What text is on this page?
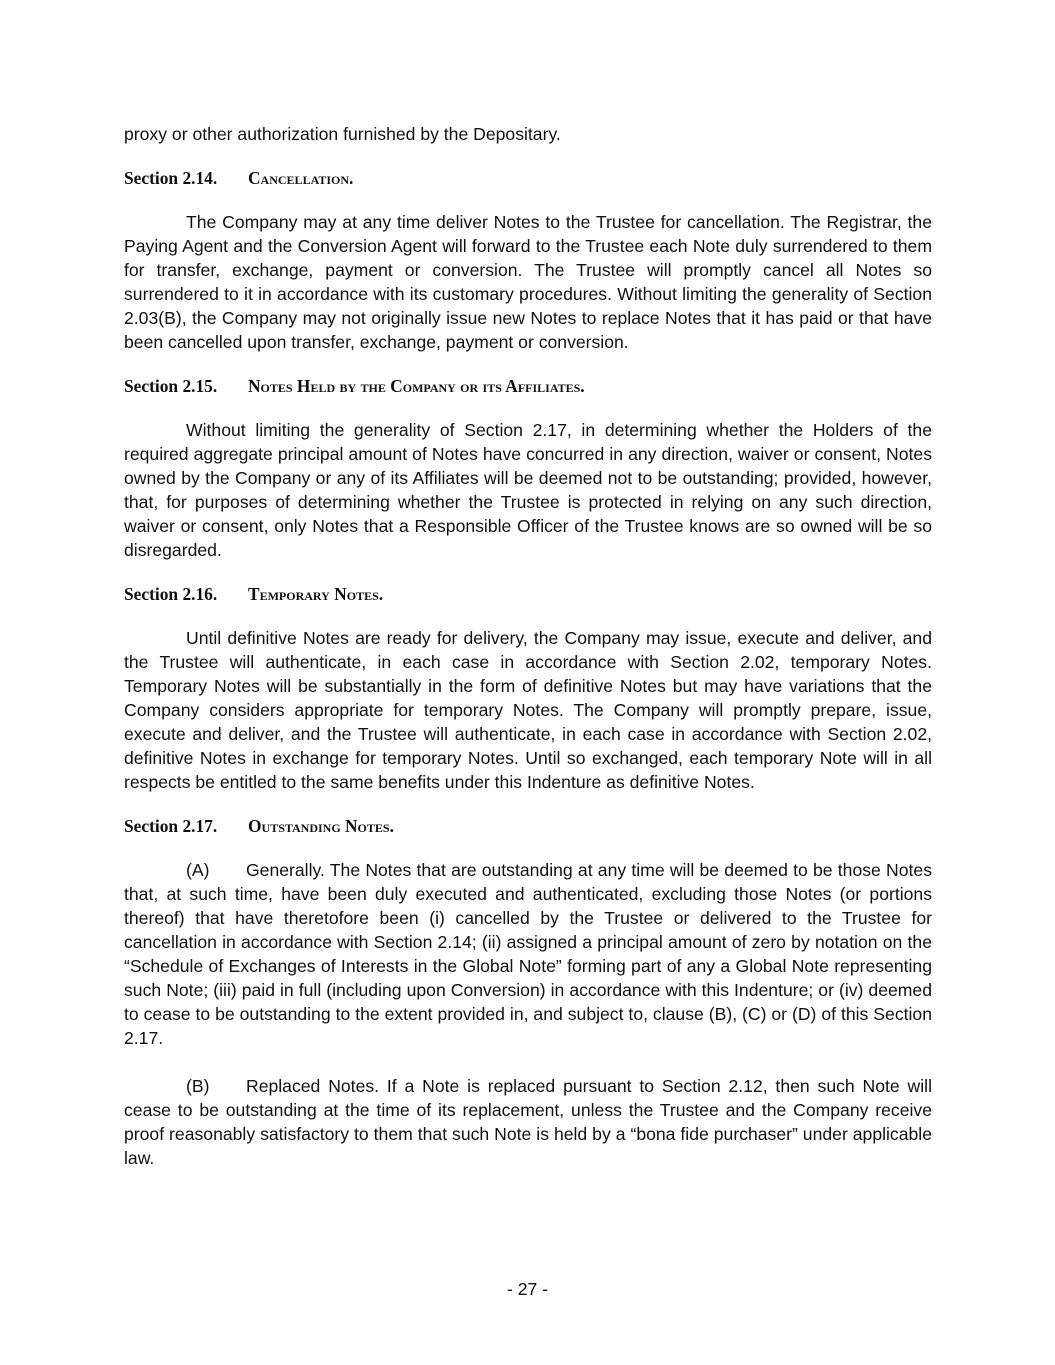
proxy or other authorization furnished by the Depositary.

Section 2.14. Cancellation.

The Company may at any time deliver Notes to the Trustee for cancellation. The Registrar, the Paying Agent and the Conversion Agent will forward to the Trustee each Note duly surrendered to them for transfer, exchange, payment or conversion. The Trustee will promptly cancel all Notes so surrendered to it in accordance with its customary procedures. Without limiting the generality of Section 2.03(B), the Company may not originally issue new Notes to replace Notes that it has paid or that have been cancelled upon transfer, exchange, payment or conversion.

Section 2.15. Notes Held by the Company or its Affiliates.

Without limiting the generality of Section 2.17, in determining whether the Holders of the required aggregate principal amount of Notes have concurred in any direction, waiver or consent, Notes owned by the Company or any of its Affiliates will be deemed not to be outstanding; provided, however, that, for purposes of determining whether the Trustee is protected in relying on any such direction, waiver or consent, only Notes that a Responsible Officer of the Trustee knows are so owned will be so disregarded.

Section 2.16. Temporary Notes.

Until definitive Notes are ready for delivery, the Company may issue, execute and deliver, and the Trustee will authenticate, in each case in accordance with Section 2.02, temporary Notes. Temporary Notes will be substantially in the form of definitive Notes but may have variations that the Company considers appropriate for temporary Notes. The Company will promptly prepare, issue, execute and deliver, and the Trustee will authenticate, in each case in accordance with Section 2.02, definitive Notes in exchange for temporary Notes. Until so exchanged, each temporary Note will in all respects be entitled to the same benefits under this Indenture as definitive Notes.

Section 2.17. Outstanding Notes.

(A) Generally. The Notes that are outstanding at any time will be deemed to be those Notes that, at such time, have been duly executed and authenticated, excluding those Notes (or portions thereof) that have theretofore been (i) cancelled by the Trustee or delivered to the Trustee for cancellation in accordance with Section 2.14; (ii) assigned a principal amount of zero by notation on the “Schedule of Exchanges of Interests in the Global Note” forming part of any a Global Note representing such Note; (iii) paid in full (including upon Conversion) in accordance with this Indenture; or (iv) deemed to cease to be outstanding to the extent provided in, and subject to, clause (B), (C) or (D) of this Section 2.17.

(B) Replaced Notes. If a Note is replaced pursuant to Section 2.12, then such Note will cease to be outstanding at the time of its replacement, unless the Trustee and the Company receive proof reasonably satisfactory to them that such Note is held by a “bona fide purchaser” under applicable law.

- 27 -
